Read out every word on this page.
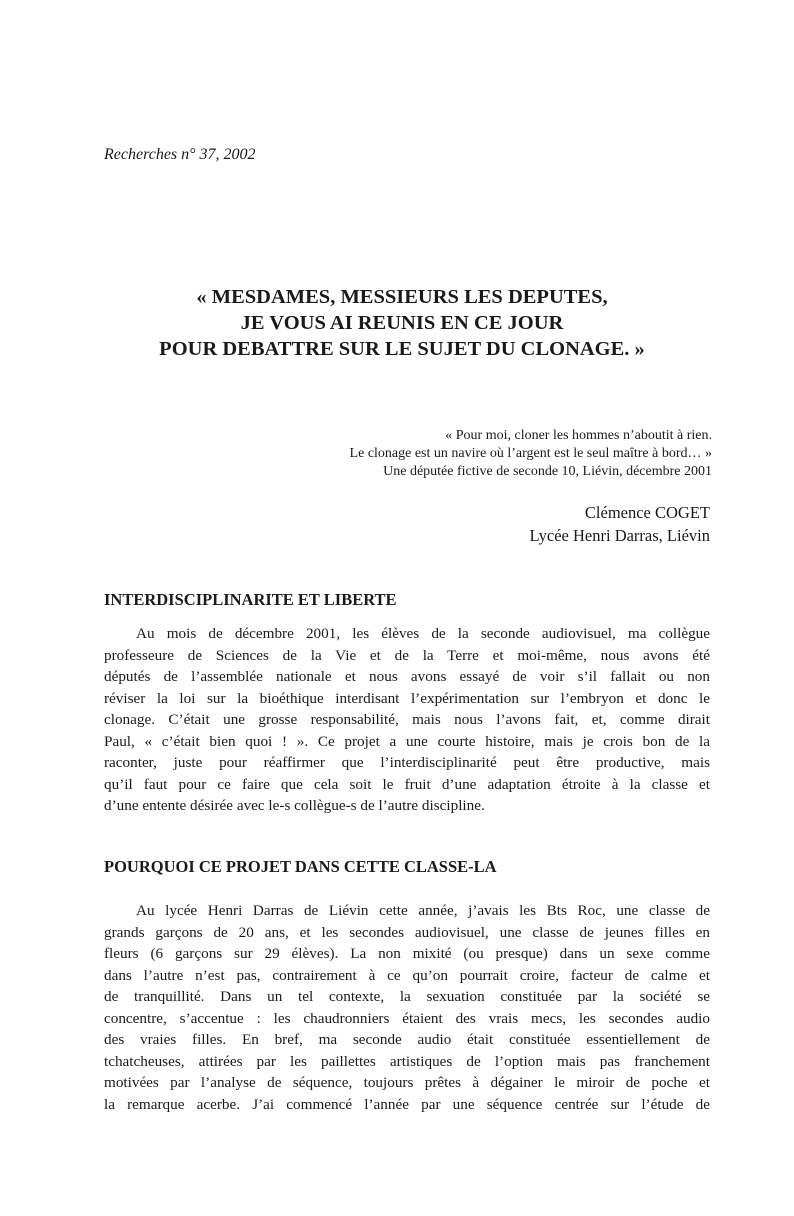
Recherches n° 37, 2002
« MESDAMES, MESSIEURS LES DEPUTES,
JE VOUS AI REUNIS EN CE JOUR
POUR DEBATTRE SUR LE SUJET DU CLONAGE. »
« Pour moi, cloner les hommes n’aboutit à rien.
Le clonage est un navire où l’argent est le seul maître à bord… »
Une députée fictive de seconde 10, Liévin, décembre 2001
Clémence COGET
Lycée Henri Darras, Liévin
INTERDISCIPLINARITE ET LIBERTE

Au mois de décembre 2001, les élèves de la seconde audiovisuel, ma collègue
professeure de Sciences de la Vie et de la Terre et moi-même, nous avons été
députés de l’assemblée nationale et nous avons essayé de voir s’il fallait ou non
réviser la loi sur la bioéthique interdisant l’expérimentation sur l’embryon et donc le
clonage. C’était une grosse responsabilité, mais nous l’avons fait, et, comme dirait
Paul, « c’était bien quoi ! ». Ce projet a une courte histoire, mais je crois bon de la
raconter, juste pour réaffirmer que l’interdisciplinarité peut être productive, mais
qu’il faut pour ce faire que cela soit le fruit d’une adaptation étroite à la classe et
d’une entente désirée avec le-s collègue-s de l’autre discipline.

POURQUOI CE PROJET DANS CETTE CLASSE-LA

Au lycée Henri Darras de Liévin cette année, j’avais les Bts Roc, une classe de
grands garçons de 20 ans, et les secondes audiovisuel, une classe de jeunes filles en
fleurs (6 garçons sur 29 élèves). La non mixité (ou presque) dans un sexe comme
dans l’autre n’est pas, contrairement à ce qu’on pourrait croire, facteur de calme et
de tranquillité. Dans un tel contexte, la sexuation constituée par la société se
concentre, s’accentue : les chaudronniers étaient des vrais mecs, les secondes audio
des vraies filles. En bref, ma seconde audio était constituée essentiellement de
tchatcheuses, attirées par les paillettes artistiques de l’option mais pas franchement
motivées par l’analyse de séquence, toujours prêtes à dégainer le miroir de poche et
la remarque acerbe. J’ai commencé l’année par une séquence centrée sur l’étude de
